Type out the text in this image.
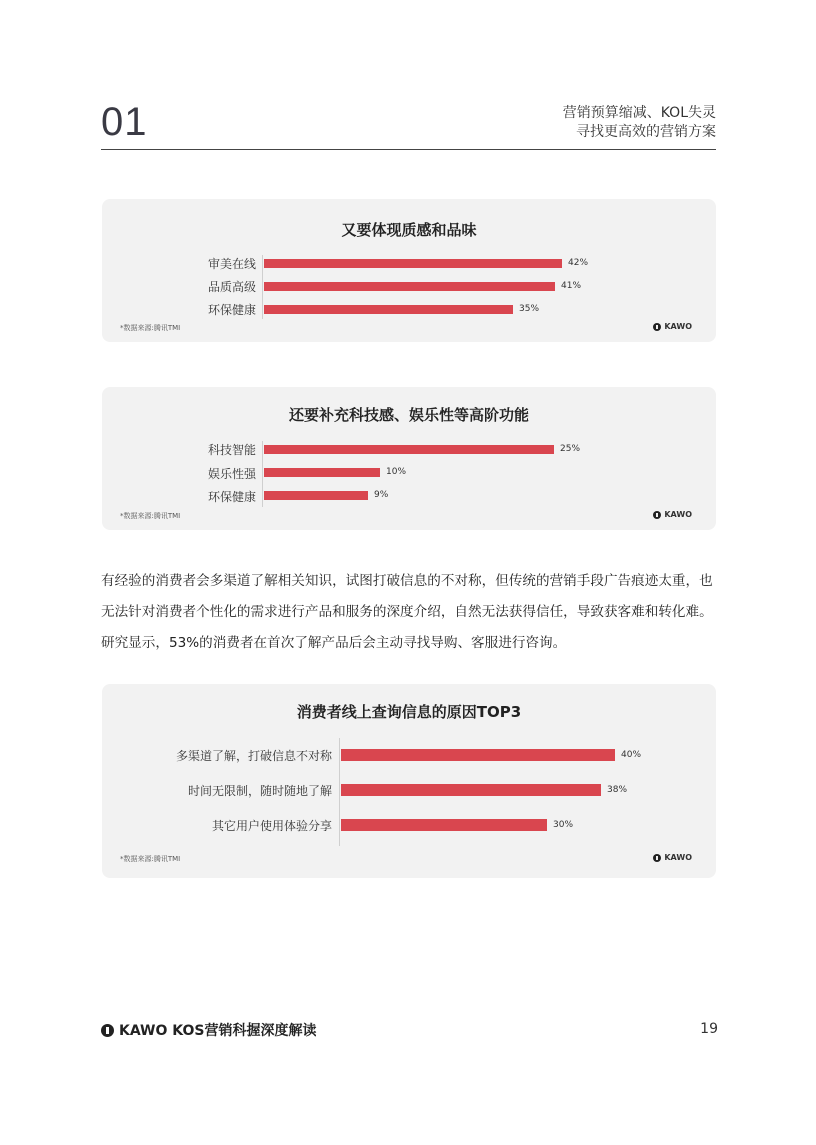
01	营销预算缩减、KOL失灵
寻找更高效的营销方案
又要体现质感和品味
审美在线	42%
品质高级	41%
环保健康	35%
*数据来源:腾讯TMI	KAWO
还要补充科技感、娱乐性等高阶功能
科技智能	25%
娱乐性强	10%
环保健康	9%
*数据来源:腾讯TMI	KAWO
有经验的消费者会多渠道了解相关知识，试图打破信息的不对称，但传统的营销手段广告痕迹太重，也无法针对消费者个性化的需求进行产品和服务的深度介绍，自然无法获得信任，导致获客难和转化难。研究显示，53%的消费者在首次了解产品后会主动寻找导购、客服进行咨询。
消费者线上查询信息的原因TOP3
多渠道了解，打破信息不对称	40%
时间无限制，随时随地了解	38%
其它用户使用体验分享	30%
*数据来源:腾讯TMI	KAWO
KAWO KOS营销科握深度解读	19
